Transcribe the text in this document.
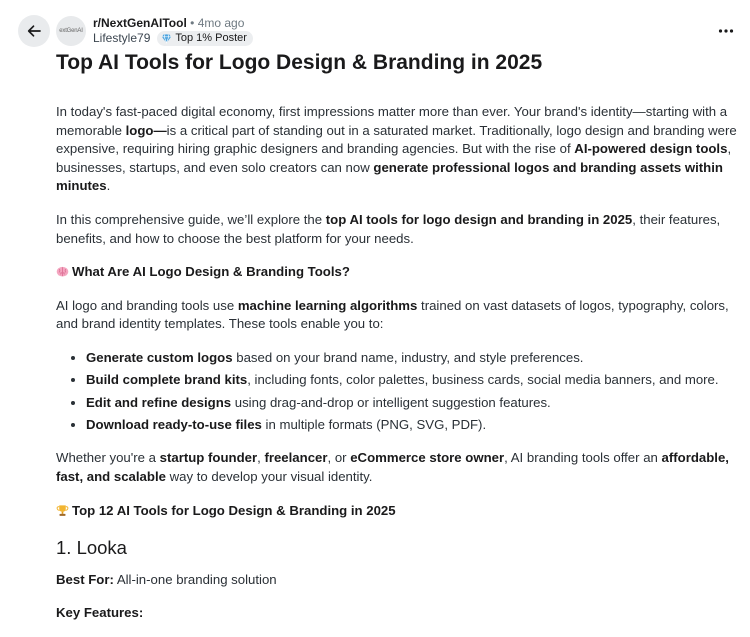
extGenAI
r/NextGenAITool • 4mo ago
Lifestyle79 Top 1% Poster
Top AI Tools for Logo Design & Branding in 2025

In today's fast-paced digital economy, first impressions matter more than ever. Your brand's identity—starting with a memorable logo—is a critical part of standing out in a saturated market. Traditionally, logo design and branding were expensive, requiring hiring graphic designers and branding agencies. But with the rise of AI-powered design tools, businesses, startups, and even solo creators can now generate professional logos and branding assets within minutes.

In this comprehensive guide, we’ll explore the top AI tools for logo design and branding in 2025, their features, benefits, and how to choose the best platform for your needs.

What Are AI Logo Design & Branding Tools?

AI logo and branding tools use machine learning algorithms trained on vast datasets of logos, typography, colors, and brand identity templates. These tools enable you to:

• Generate custom logos based on your brand name, industry, and style preferences.
• Build complete brand kits, including fonts, color palettes, business cards, social media banners, and more.
• Edit and refine designs using drag-and-drop or intelligent suggestion features.
• Download ready-to-use files in multiple formats (PNG, SVG, PDF).

Whether you're a startup founder, freelancer, or eCommerce store owner, AI branding tools offer an affordable, fast, and scalable way to develop your visual identity.

Top 12 AI Tools for Logo Design & Branding in 2025
1. Looka

Best For: All-in-one branding solution

Key Features:
